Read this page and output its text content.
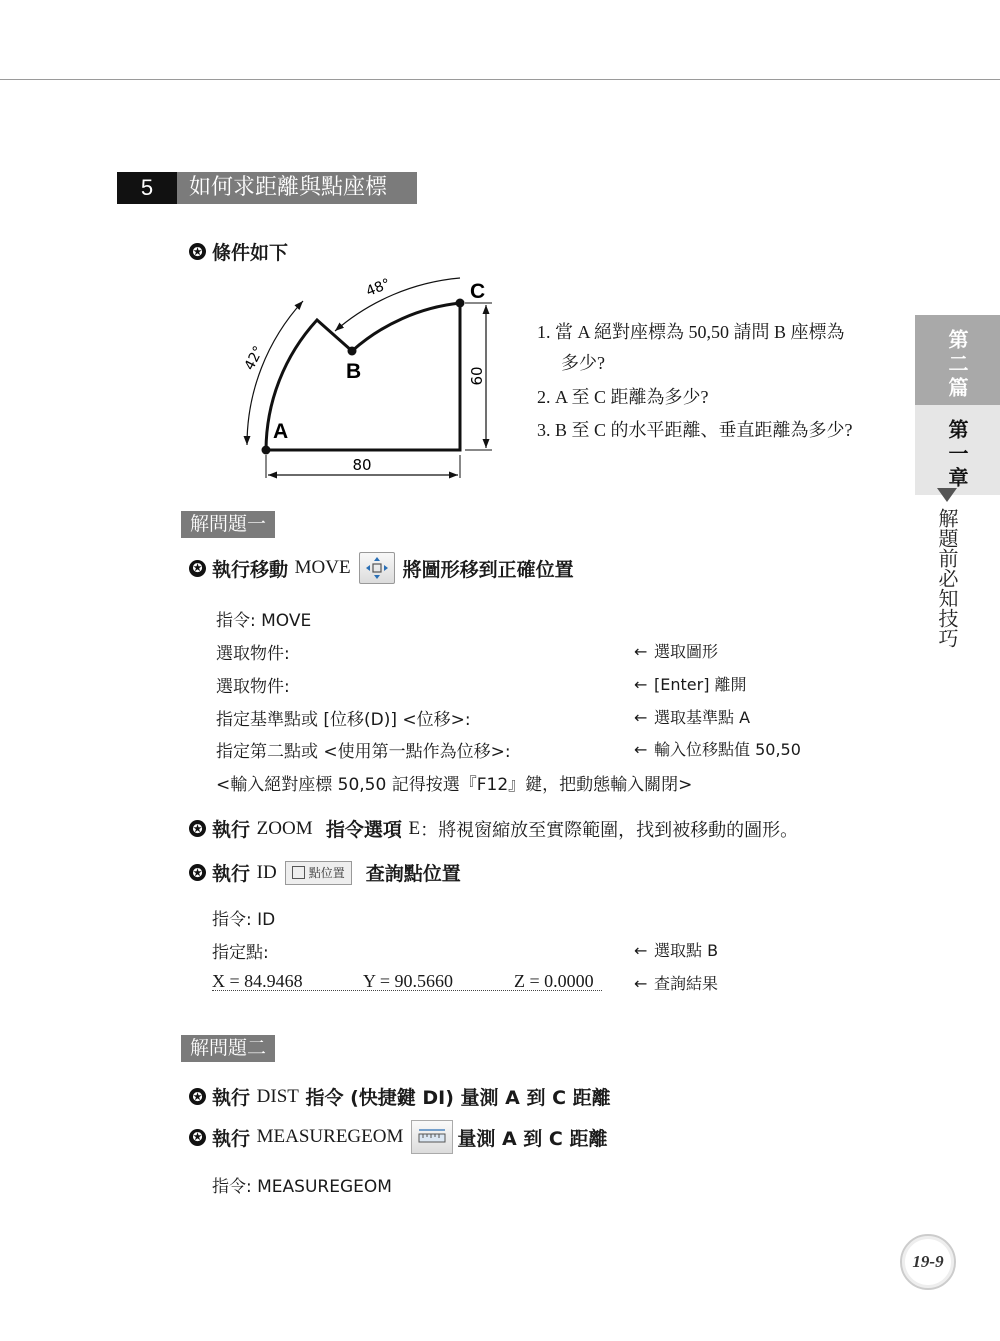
5	如何求距離與點座標
✪ 條件如下
A
B
C
48°
42°
60
80
1. 當 A 絕對座標為 50,50 請問 B 座標為
多少?
2. A 至 C 距離為多少?
3. B 至 C 的水平距離、垂直距離為多少?
解問題一
✪ 執行移動
MOVE	將圖形移到正確位置
指令: MOVE
選取物件:	← 選取圖形
選取物件:	← [Enter] 離開
指定基準點或 [位移(D)] <位移>:	← 選取基準點 A
指定第二點或 <使用第一點作為位移>:	← 輸入位移點值 50,50
<輸入絕對座標 50,50 記得按選『F12』鍵，把動態輸入關閉>
✪ 執行
ZOOM
指令選項
E ：將視窗縮放至實際範圍，找到被移動的圖形。
✪ 執行
ID	點位置 查詢點位置
指令: ID
指定點:	← 選取點 B
X = 84.9468	Y = 90.5660	Z = 0.0000	← 查詢結果
解問題二
✪ 執行
DIST
指令 (快捷鍵 DI) 量測 A 到 C 距離
✪ 執行
MEASUREGEOM	量測 A 到 C 距離
指令: MEASUREGEOM
第二篇
第一章
解題前必知技巧
19-9
